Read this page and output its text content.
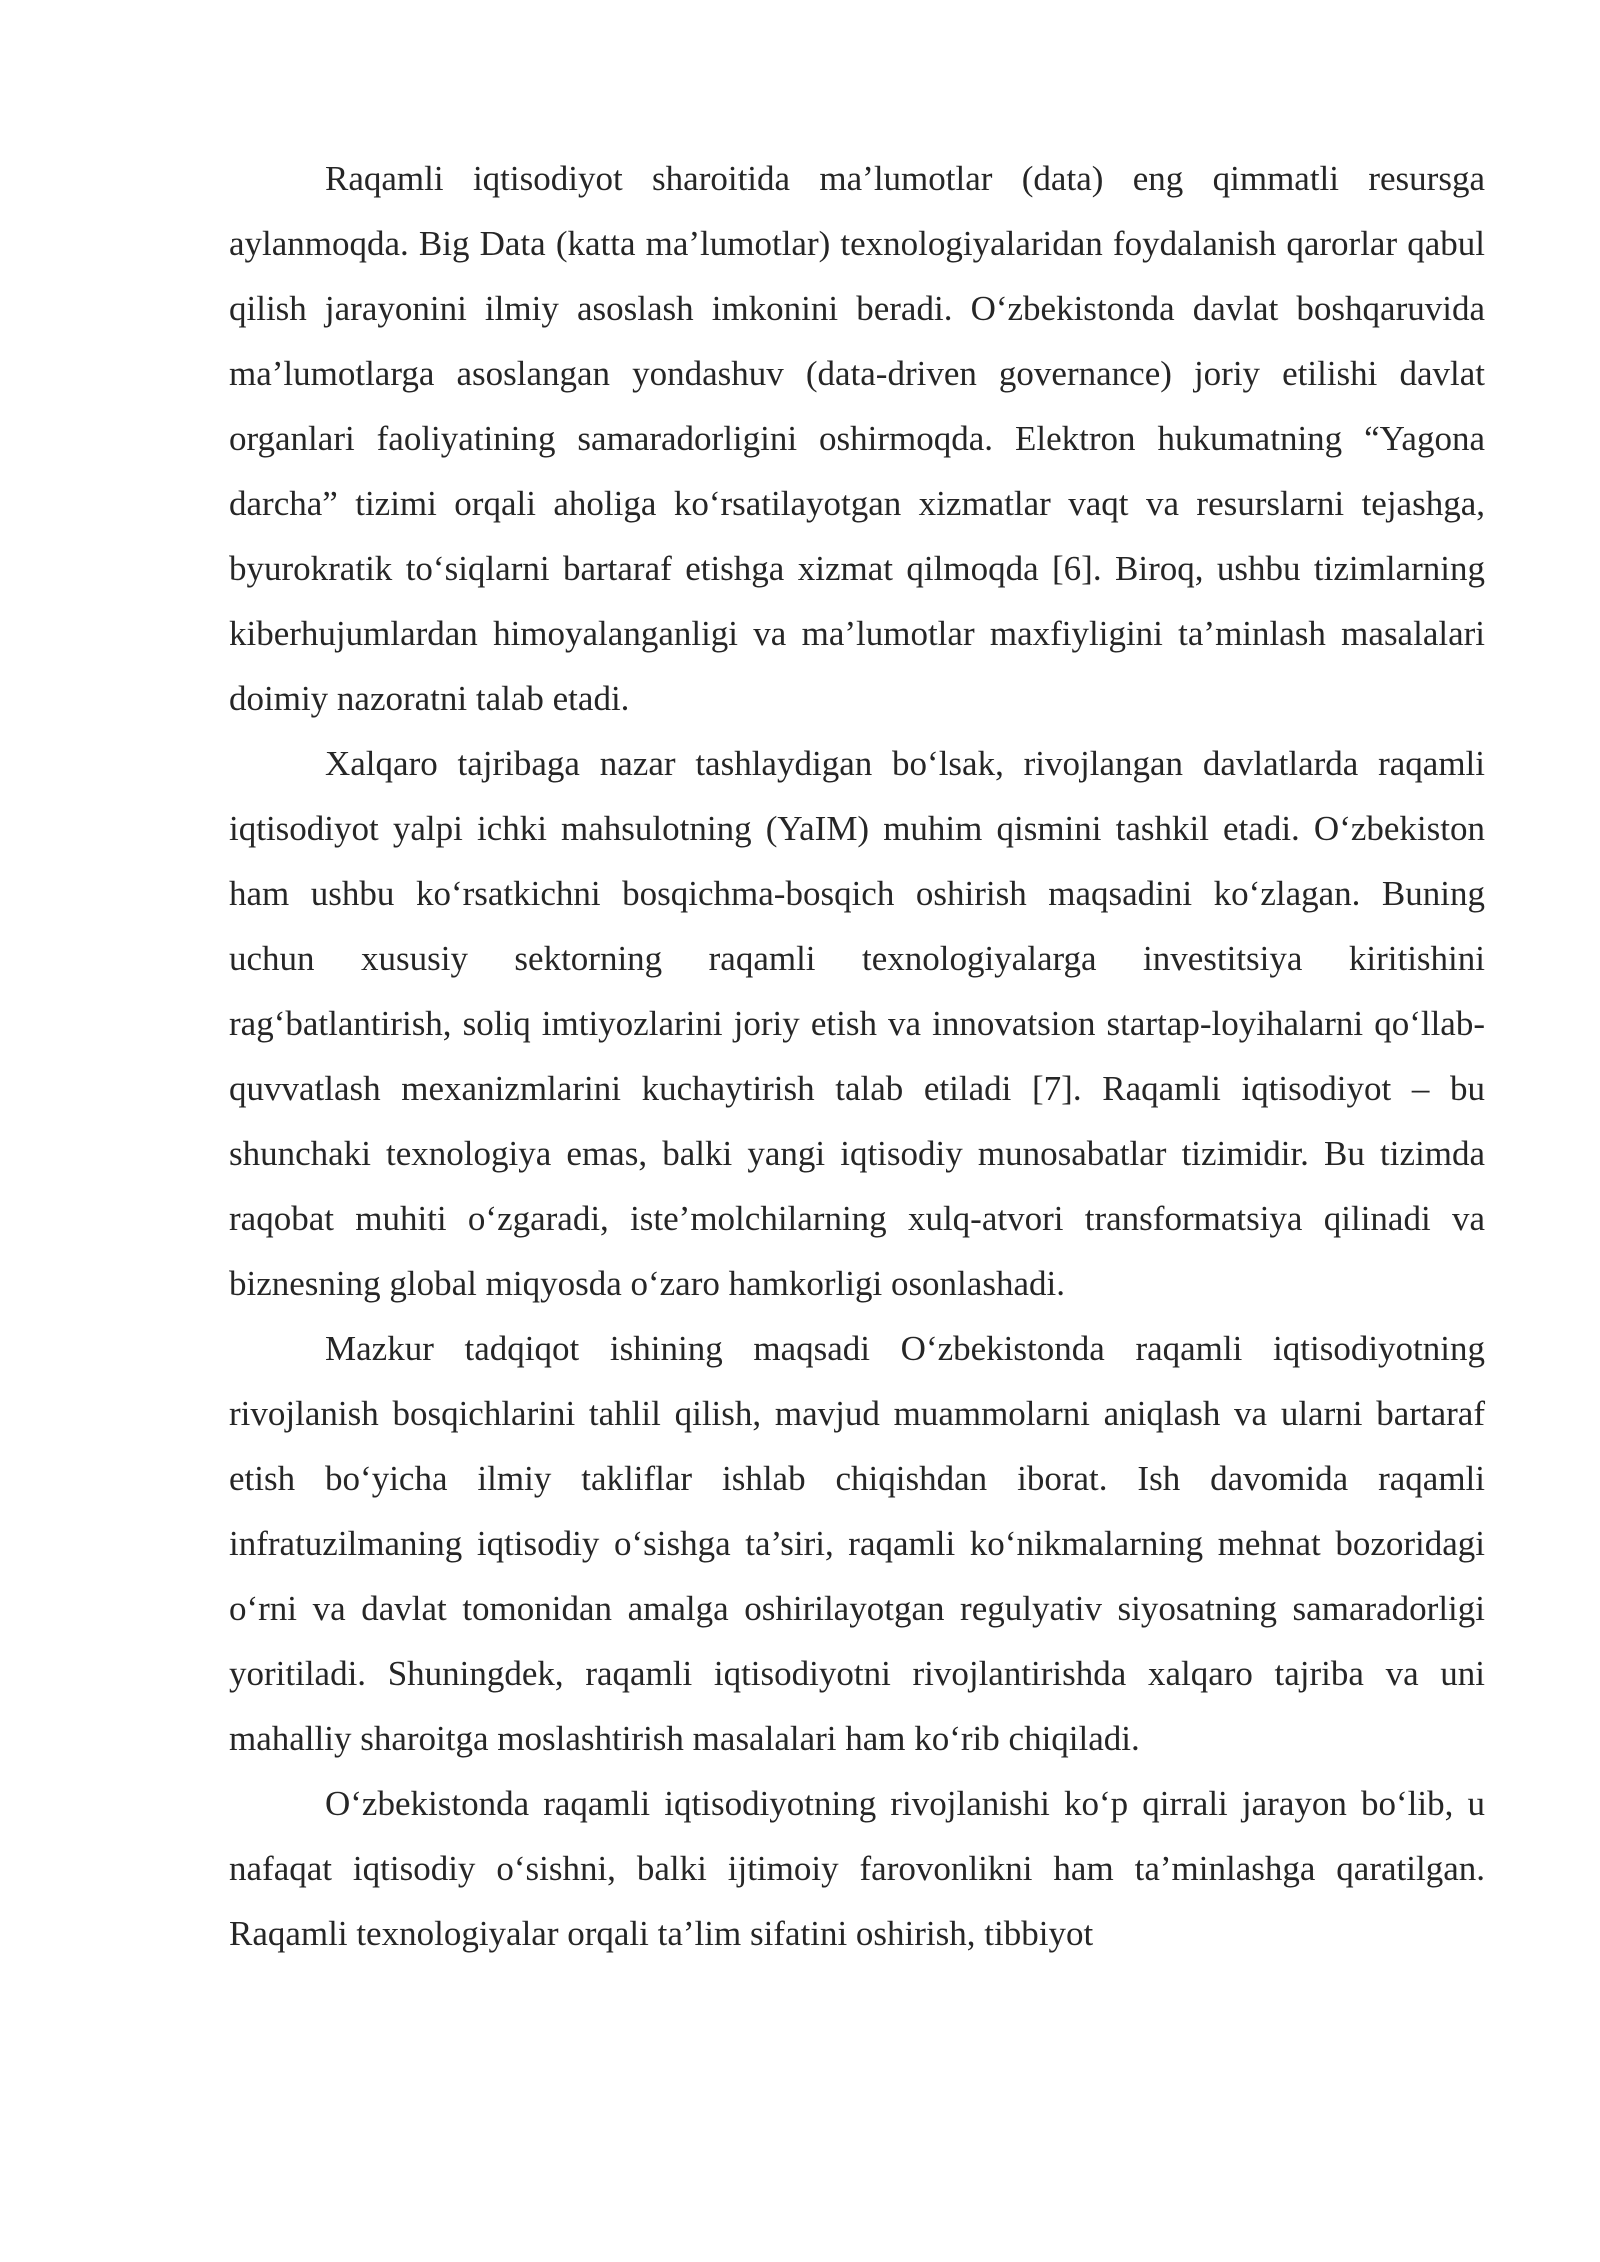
Raqamli iqtisodiyot sharoitida ma’lumotlar (data) eng qimmatli resursga aylanmoqda. Big Data (katta ma’lumotlar) texnologiyalaridan foydalanish qarorlar qabul qilish jarayonini ilmiy asoslash imkonini beradi. O‘zbekistonda davlat boshqaruvida ma’lumotlarga asoslangan yondashuv (data-driven governance) joriy etilishi davlat organlari faoliyatining samaradorligini oshirmoqda. Elektron hukumatning “Yagona darcha” tizimi orqali aholiga ko‘rsatilayotgan xizmatlar vaqt va resurslarni tejashga, byurokratik to‘siqlarni bartaraf etishga xizmat qilmoqda [6]. Biroq, ushbu tizimlarning kiberhujumlardan himoyalanganligi va ma’lumotlar maxfiyligini ta’minlash masalalari doimiy nazoratni talab etadi.

Xalqaro tajribaga nazar tashlaydigan bo‘lsak, rivojlangan davlatlarda raqamli iqtisodiyot yalpi ichki mahsulotning (YaIM) muhim qismini tashkil etadi. O‘zbekiston ham ushbu ko‘rsatkichni bosqichma-bosqich oshirish maqsadini ko‘zlagan. Buning uchun xususiy sektorning raqamli texnologiyalarga investitsiya kiritishini rag‘batlantirish, soliq imtiyozlarini joriy etish va innovatsion startap-loyihalarni qo‘llab-quvvatlash mexanizmlarini kuchaytirish talab etiladi [7]. Raqamli iqtisodiyot – bu shunchaki texnologiya emas, balki yangi iqtisodiy munosabatlar tizimidir. Bu tizimda raqobat muhiti o‘zgaradi, iste’molchilarning xulq-atvori transformatsiya qilinadi va biznesning global miqyosda o‘zaro hamkorligi osonlashadi.

Mazkur tadqiqot ishining maqsadi O‘zbekistonda raqamli iqtisodiyotning rivojlanish bosqichlarini tahlil qilish, mavjud muammolarni aniqlash va ularni bartaraf etish bo‘yicha ilmiy takliflar ishlab chiqishdan iborat. Ish davomida raqamli infratuzilmaning iqtisodiy o‘sishga ta’siri, raqamli ko‘nikmalarning mehnat bozoridagi o‘rni va davlat tomonidan amalga oshirilayotgan regulyativ siyosatning samaradorligi yoritiladi. Shuningdek, raqamli iqtisodiyotni rivojlantirishda xalqaro tajriba va uni mahalliy sharoitga moslashtirish masalalari ham ko‘rib chiqiladi.

O‘zbekistonda raqamli iqtisodiyotning rivojlanishi ko‘p qirrali jarayon bo‘lib, u nafaqat iqtisodiy o‘sishni, balki ijtimoiy farovonlikni ham ta’minlashga qaratilgan. Raqamli texnologiyalar orqali ta’lim sifatini oshirish, tibbiyot
